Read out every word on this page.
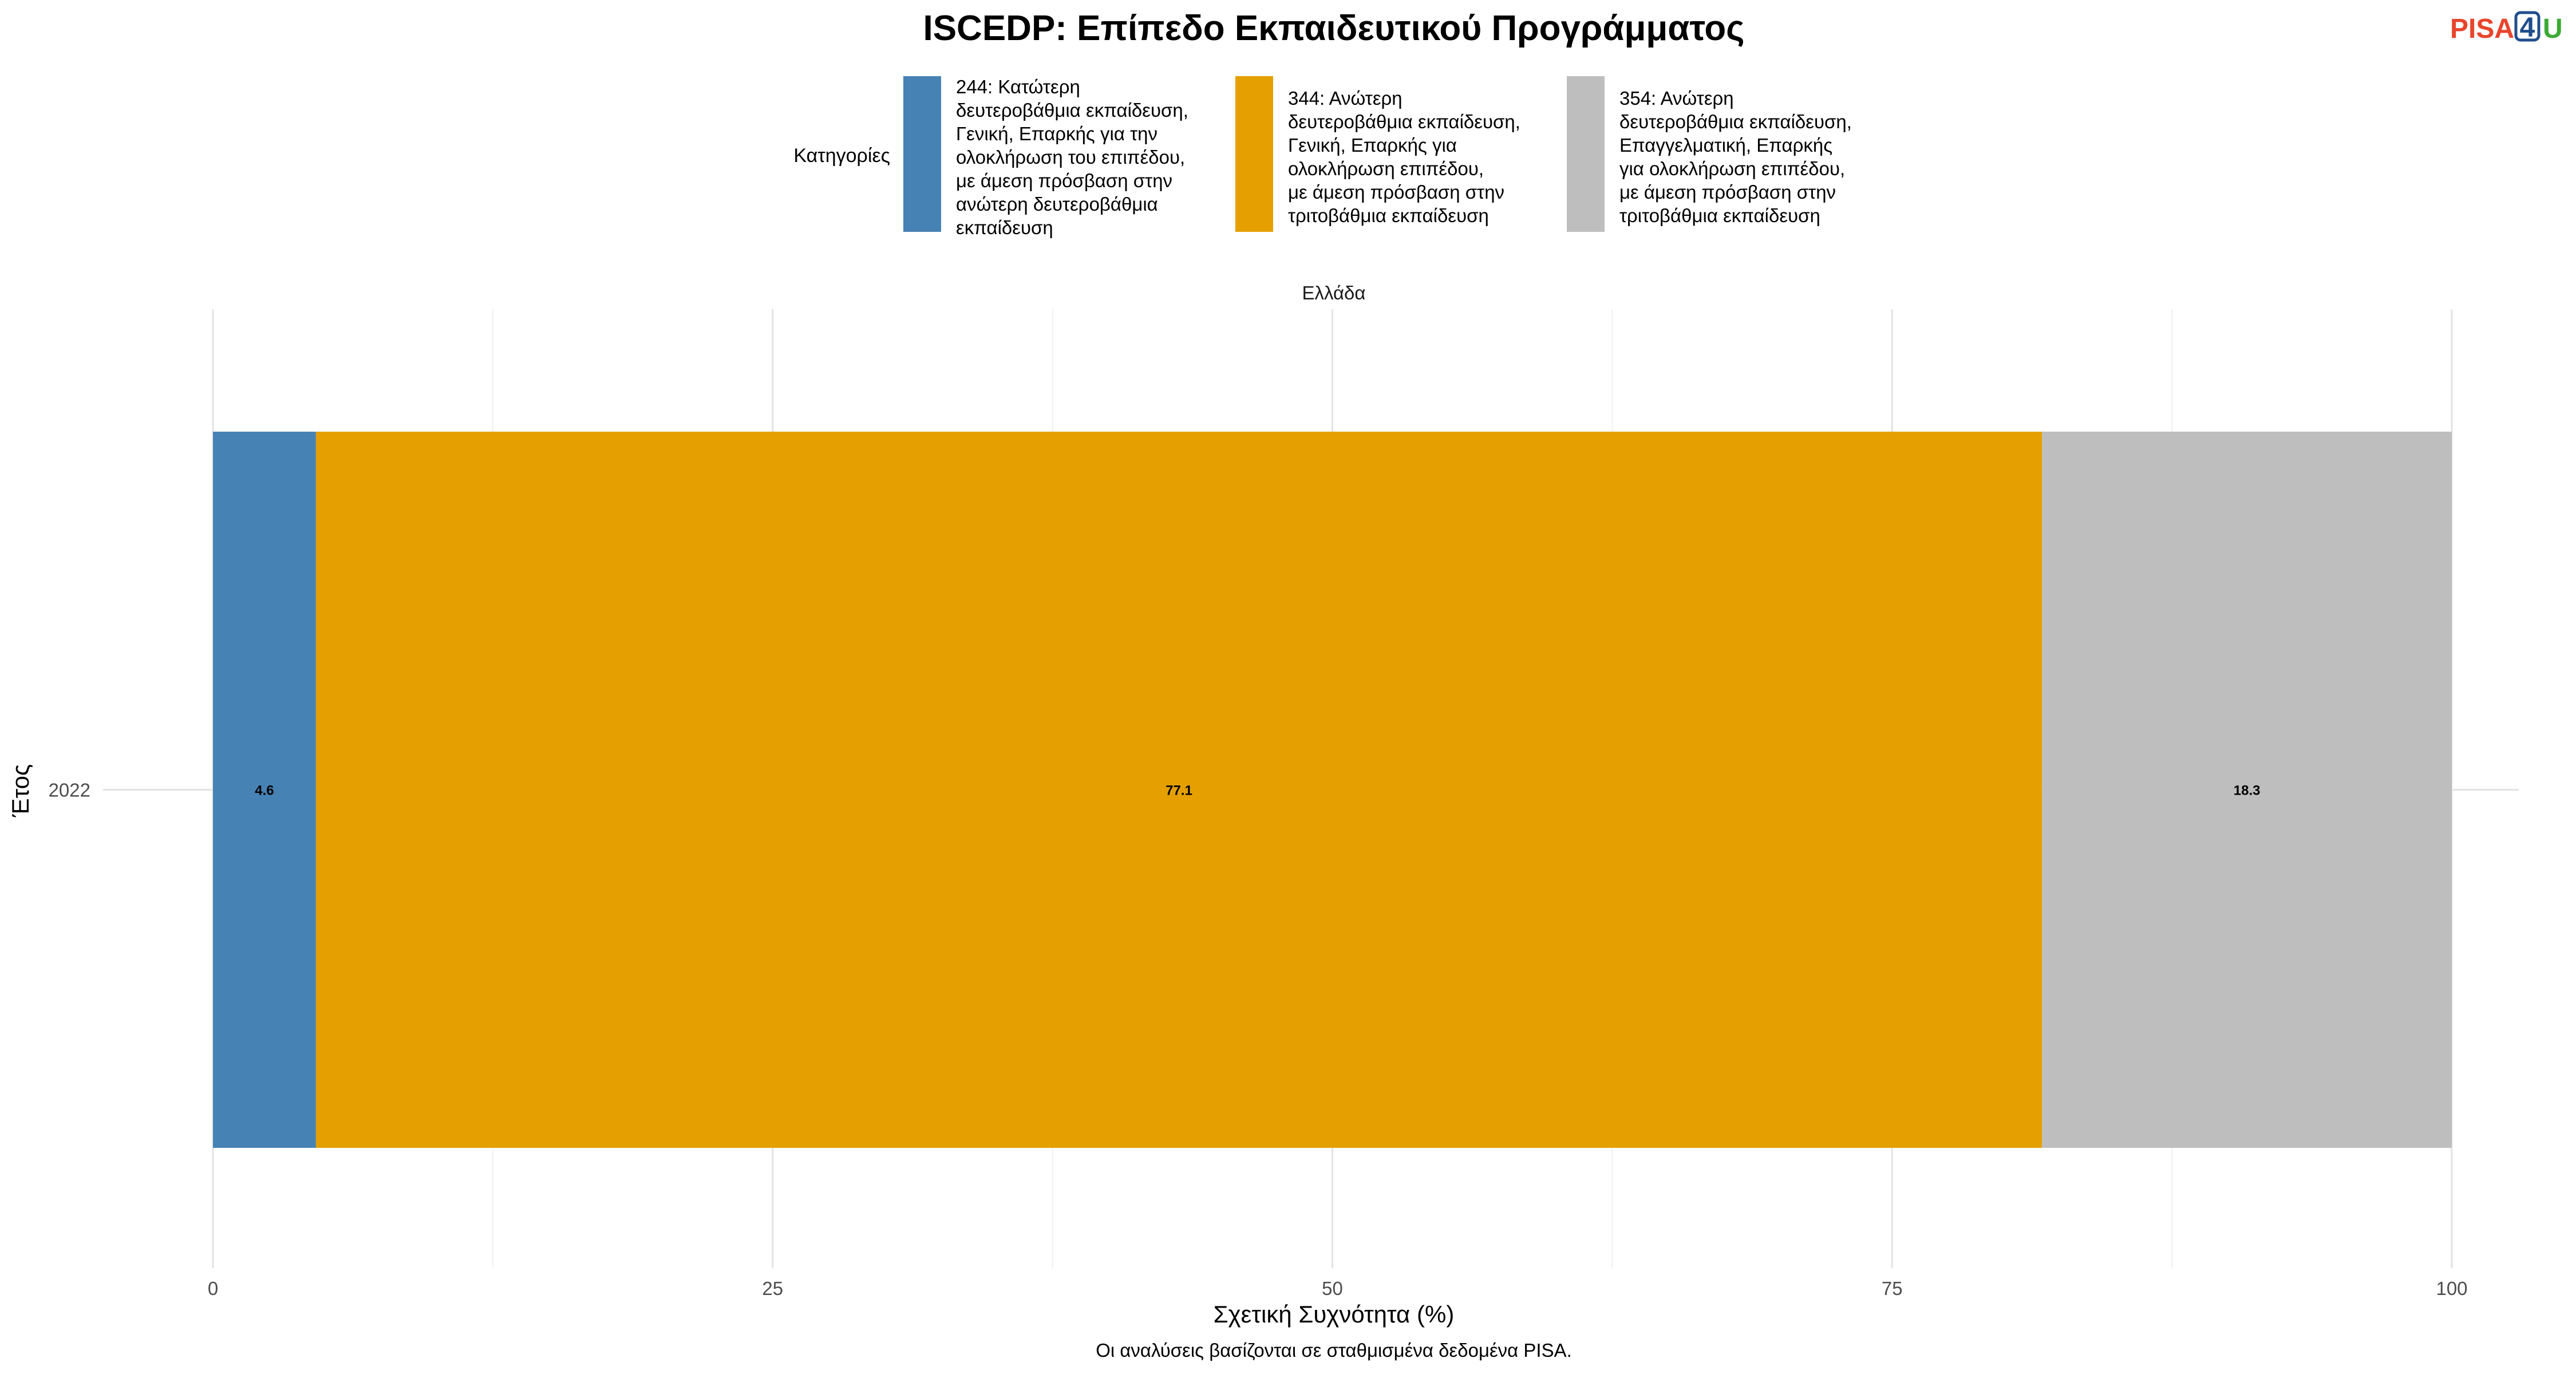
ISCEDP: Επίπεδο Εκπαιδευτικού Προγράμματος	PISA 4 U
Κατηγορίες
244: Κατώτερη δευτεροβάθμια εκπαίδευση, Γενική, Επαρκής για την ολοκλήρωση του επιπέδου, με άμεση πρόσβαση στην ανώτερη δευτεροβάθμια εκπαίδευση
344: Ανώτερη δευτεροβάθμια εκπαίδευση, Γενική, Επαρκής για ολοκλήρωση επιπέδου, με άμεση πρόσβαση στην τριτοβάθμια εκπαίδευση
354: Ανώτερη δευτεροβάθμια εκπαίδευση, Επαγγελματική, Επαρκής για ολοκλήρωση επιπέδου, με άμεση πρόσβαση στην τριτοβάθμια εκπαίδευση
Ελλάδα
4.6	77.1	18.3
0	25	50	75	100
2022
Σχετική Συχνότητα (%)
Έτος
Οι αναλύσεις βασίζονται σε σταθμισμένα δεδομένα PISA.
